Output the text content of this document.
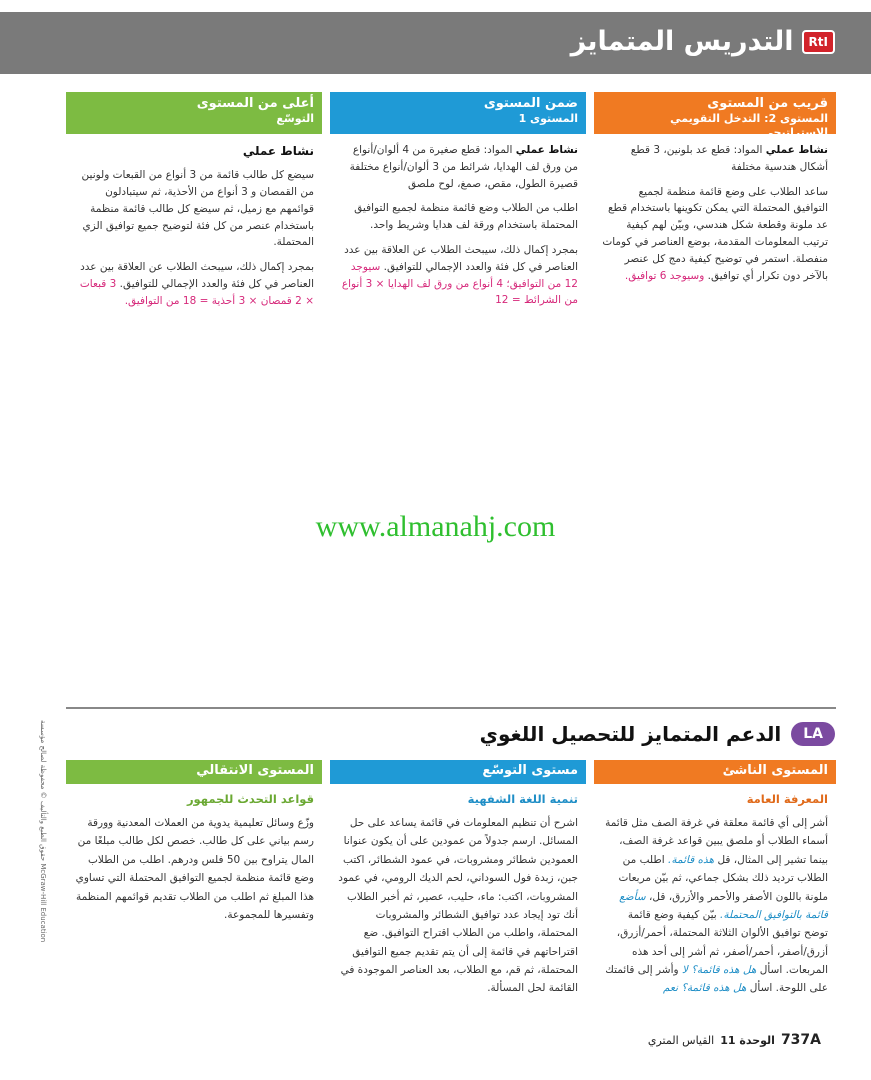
RtI
التدريس المتمايز
قريب من المستوى
المستوى 2: التدخل التقويمي الإستراتيجي

نشاط عملي المواد: قطع عد بلونين، 3 قطع أشكال هندسية مختلفة

ساعد الطلاب على وضع قائمة منظمة لجميع التوافيق المحتملة التي يمكن تكوينها باستخدام قطع عد ملونة وقطعة شكل هندسي، وبيّن لهم كيفية ترتيب المعلومات المقدمة، بوضع العناصر في كومات منفصلة. استمر في توضيح كيفية دمج كل عنصر بالآخر دون تكرار أي توافيق. وسيوجد 6 توافيق.

ضمن المستوى
المستوى 1

نشاط عملي المواد: قطع صغيرة من 4 ألوان/أنواع من ورق لف الهدايا، شرائط من 3 ألوان/أنواع مختلفة قصيرة الطول، مقص، صمغ، لوح ملصق

اطلب من الطلاب وضع قائمة منظمة لجميع التوافيق المحتملة باستخدام ورقة لف هدايا وشريط واحد.

بمجرد إكمال ذلك، سيبحث الطلاب عن العلاقة بين عدد العناصر في كل فئة والعدد الإجمالي للتوافيق. سيوجد 12 من التوافيق؛ 4 أنواع من ورق لف الهدايا × 3 أنواع من الشرائط = 12

أعلى من المستوى
التوسّع
نشاط عملي

سيضع كل طالب قائمة من 3 أنواع من القبعات ولونين من القمصان و 3 أنواع من الأحذية، ثم سيتبادلون قوائمهم مع زميل، ثم سيضع كل طالب قائمة منظمة باستخدام عنصر من كل فئة لتوضيح جميع توافيق الزي المحتملة.

بمجرد إكمال ذلك، سيبحث الطلاب عن العلاقة بين عدد العناصر في كل فئة والعدد الإجمالي للتوافيق. 3 قبعات × 2 قمصان × 3 أحذية = 18 من التوافيق.

www.almanahj.com
LA
الدعم المتمايز للتحصيل اللغوي
حقوق الطبع والتأليف © محفوظة لصالح مؤسسة McGraw-Hill Education
المستوى الناشئ
المعرفة العامة
أشر إلى أي قائمة معلقة في غرفة الصف مثل قائمة أسماء الطلاب أو ملصق يبين قواعد غرفة الصف، بينما تشير إلى المثال، قل هذه قائمة. اطلب من الطلاب ترديد ذلك بشكل جماعي، ثم بيّن مربعات ملونة باللون الأصفر والأحمر والأزرق، قل، سأضع قائمة بالتوافيق المحتملة. بيّن كيفية وضع قائمة توضح توافيق الألوان الثلاثة المحتملة، أحمر/أزرق، أزرق/أصفر، أحمر/أصفر، ثم أشر إلى أحد هذه المربعات. اسأل هل هذه قائمة؟ لا وأشر إلى قائمتك على اللوحة. اسأل هل هذه قائمة؟ نعم
مستوى التوسّع
تنمية اللغة الشفهية
اشرح أن تنظيم المعلومات في قائمة يساعد على حل المسائل. ارسم جدولاً من عمودين على أن يكون عنوانا العمودين شطائر ومشروبات، في عمود الشطائر، اكتب جبن، زبدة فول السوداني، لحم الديك الرومي، في عمود المشروبات، اكتب: ماء، حليب، عصير، ثم أخبر الطلاب أنك تود إيجاد عدد توافيق الشطائر والمشروبات المحتملة، واطلب من الطلاب اقتراح التوافيق. ضع اقتراحاتهم في قائمة إلى أن يتم تقديم جميع التوافيق المحتملة، ثم قم، مع الطلاب، بعد العناصر الموجودة في القائمة لحل المسألة.
المستوى الانتقالي
قواعد التحدث للجمهور
وزّع وسائل تعليمية يدوية من العملات المعدنية وورقة رسم بياني على كل طالب. خصص لكل طالب مبلغًا من المال يتراوح بين 50 فلس ودرهم. اطلب من الطلاب وضع قائمة منظمة لجميع التوافيق المحتملة التي تساوي هذا المبلغ ثم اطلب من الطلاب تقديم قوائمهم المنظمة وتفسيرها للمجموعة.
737A
الوحدة 11
القياس المتري
